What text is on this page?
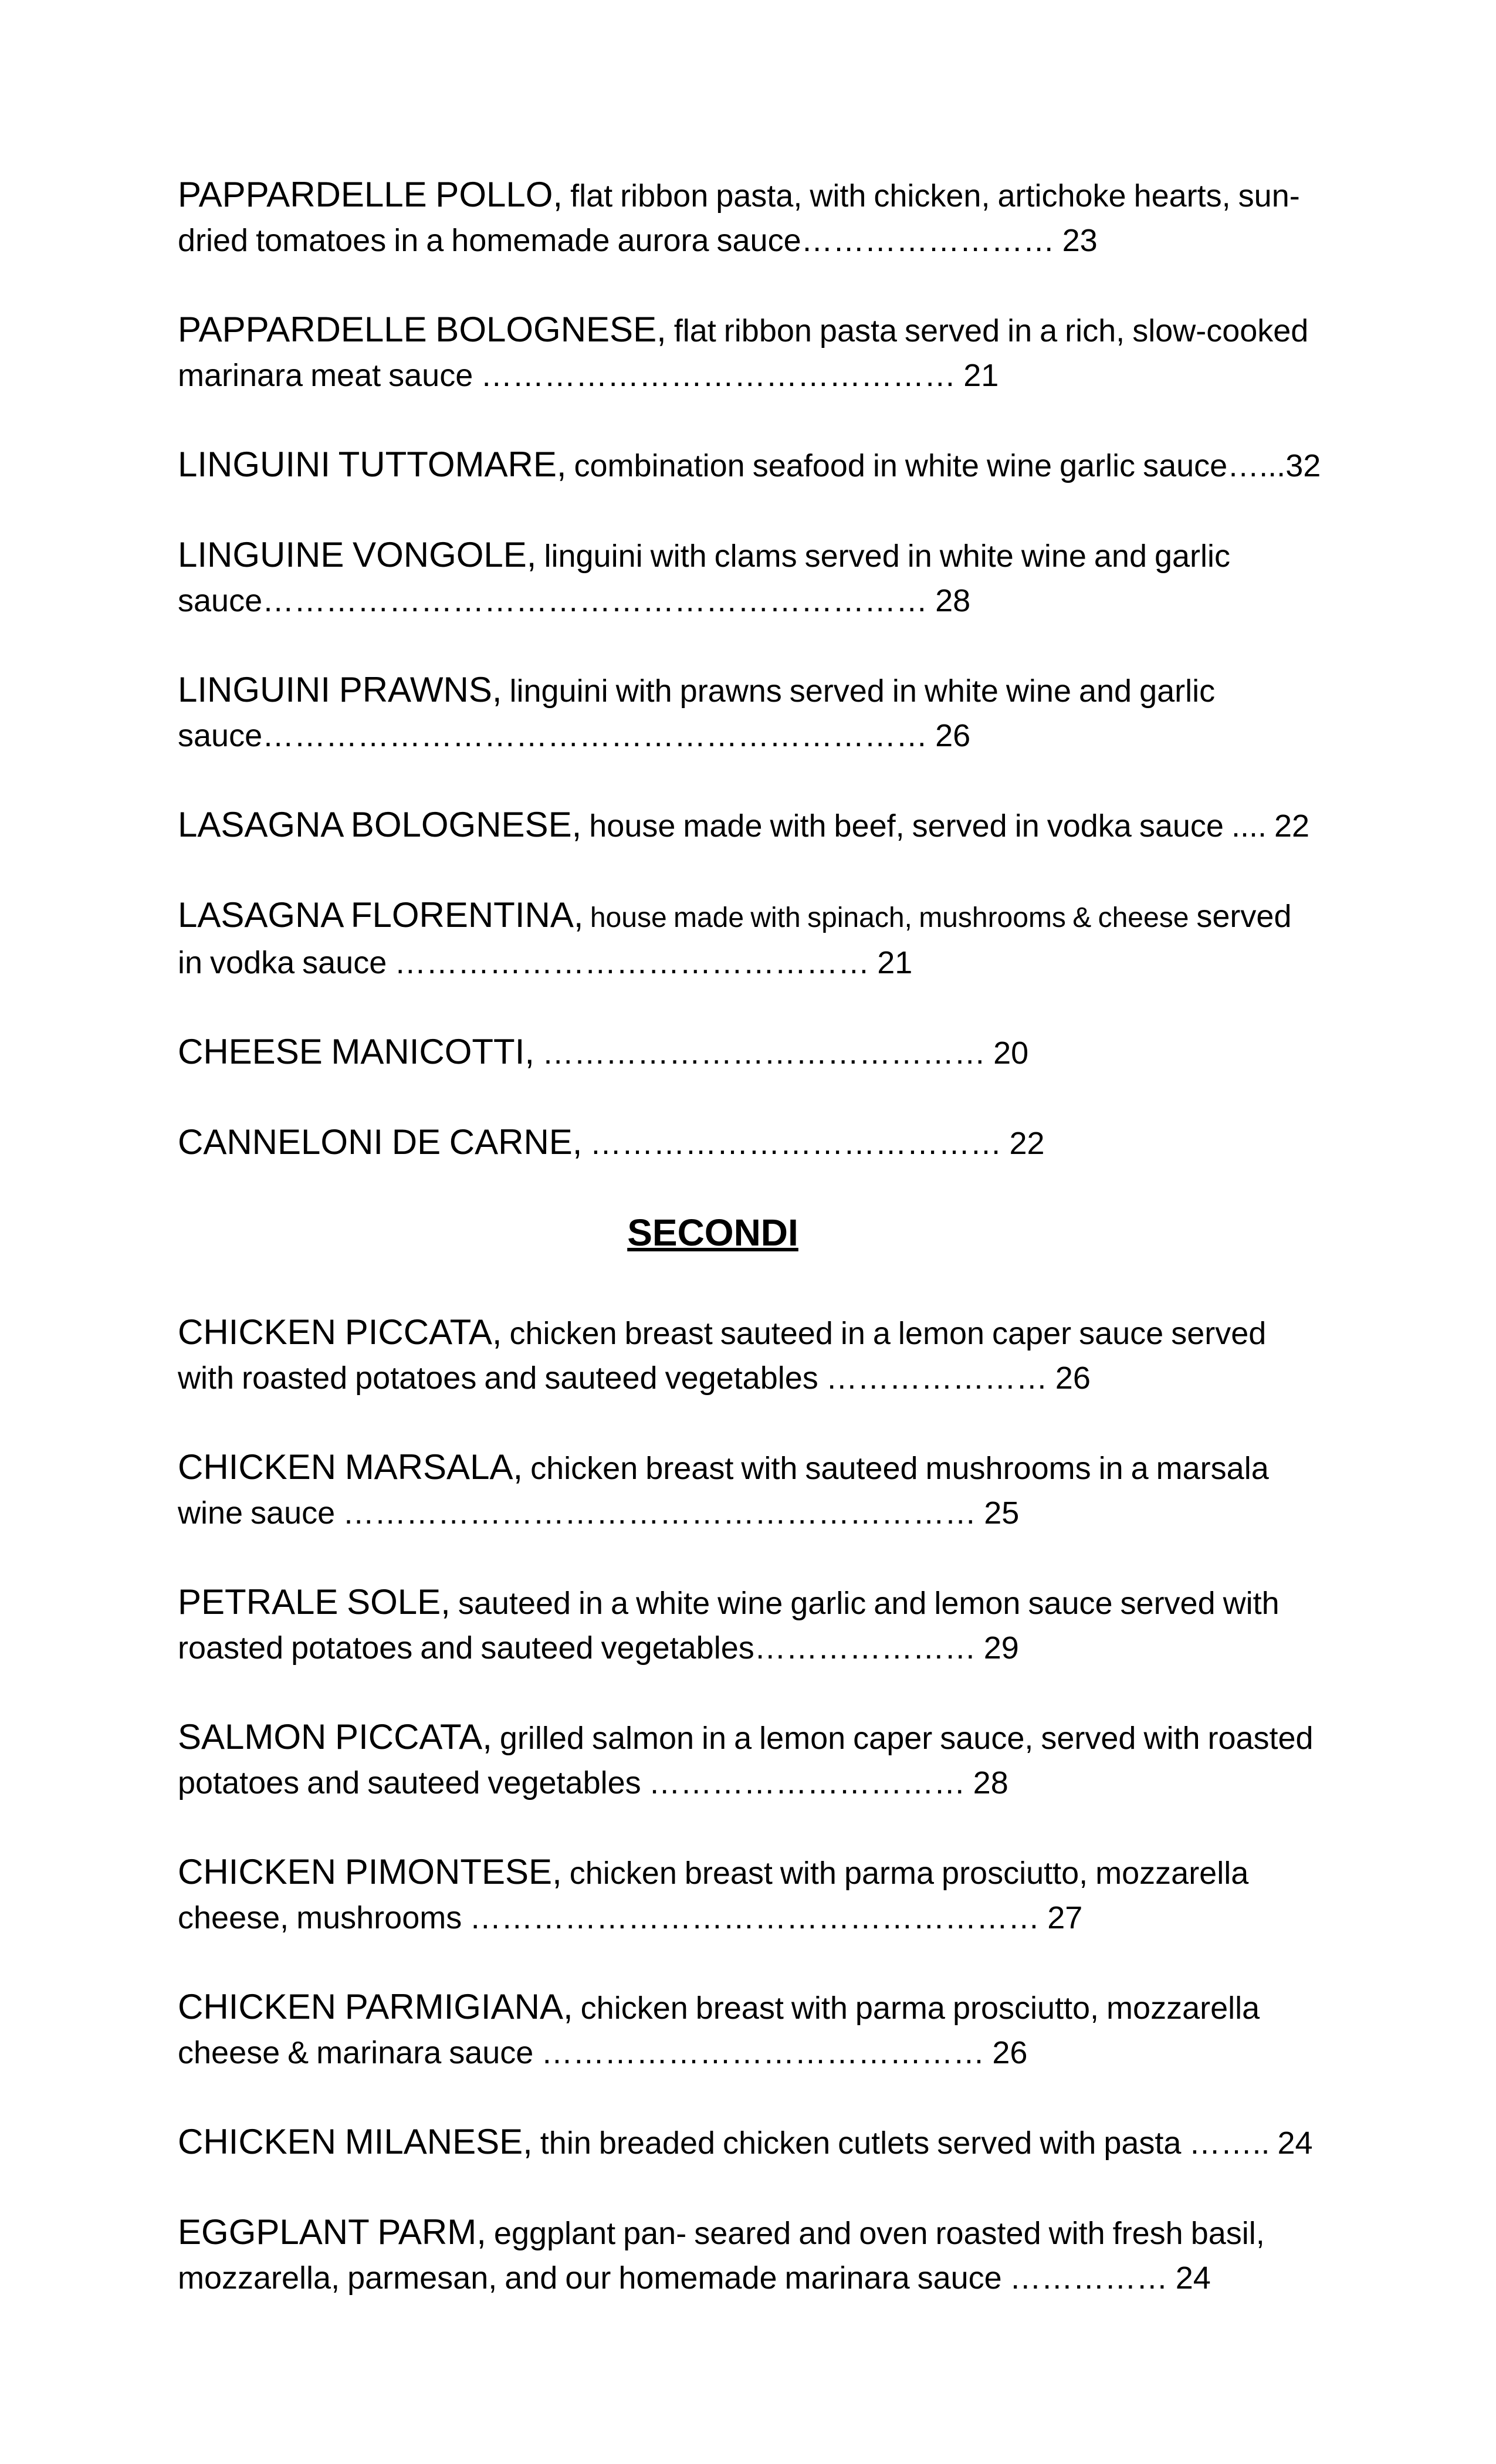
PAPPARDELLE POLLO, flat ribbon pasta, with chicken, artichoke hearts, sun-dried tomatoes in a homemade aurora sauce…………………… 23

PAPPARDELLE BOLOGNESE, flat ribbon pasta served in a rich, slow-cooked marinara meat sauce ……………………………………… 21

LINGUINI TUTTOMARE, combination seafood in white wine garlic sauce…...32

LINGUINE VONGOLE, linguini with clams served in white wine and garlic sauce……………………………………………………… 28

LINGUINI PRAWNS, linguini with prawns served in white wine and garlic sauce……………………………………………………… 26

LASAGNA BOLOGNESE, house made with beef, served in vodka sauce .... 22

LASAGNA FLORENTINA, house made with spinach, mushrooms & cheese served in vodka sauce ……………………………………… 21

CHEESE MANICOTTI, …………………………………… 20

CANNELONI DE CARNE, ………………………………… 22

SECONDI

CHICKEN PICCATA, chicken breast sauteed in a lemon caper sauce served with roasted potatoes and sauteed vegetables ………………… 26

CHICKEN MARSALA, chicken breast with sauteed mushrooms in a marsala wine sauce …………………………………………………… 25

PETRALE SOLE, sauteed in a white wine garlic and lemon sauce served with roasted potatoes and sauteed vegetables………………… 29

SALMON PICCATA, grilled salmon in a lemon caper sauce, served with roasted potatoes and sauteed vegetables ………………………… 28

CHICKEN PIMONTESE, chicken breast with parma prosciutto, mozzarella cheese, mushrooms ……………………………………………… 27

CHICKEN PARMIGIANA, chicken breast with parma prosciutto, mozzarella cheese & marinara sauce …………………………………… 26

CHICKEN MILANESE, thin breaded chicken cutlets served with pasta …….. 24

EGGPLANT PARM, eggplant pan- seared and oven roasted with fresh basil, mozzarella, parmesan, and our homemade marinara sauce …………… 24
